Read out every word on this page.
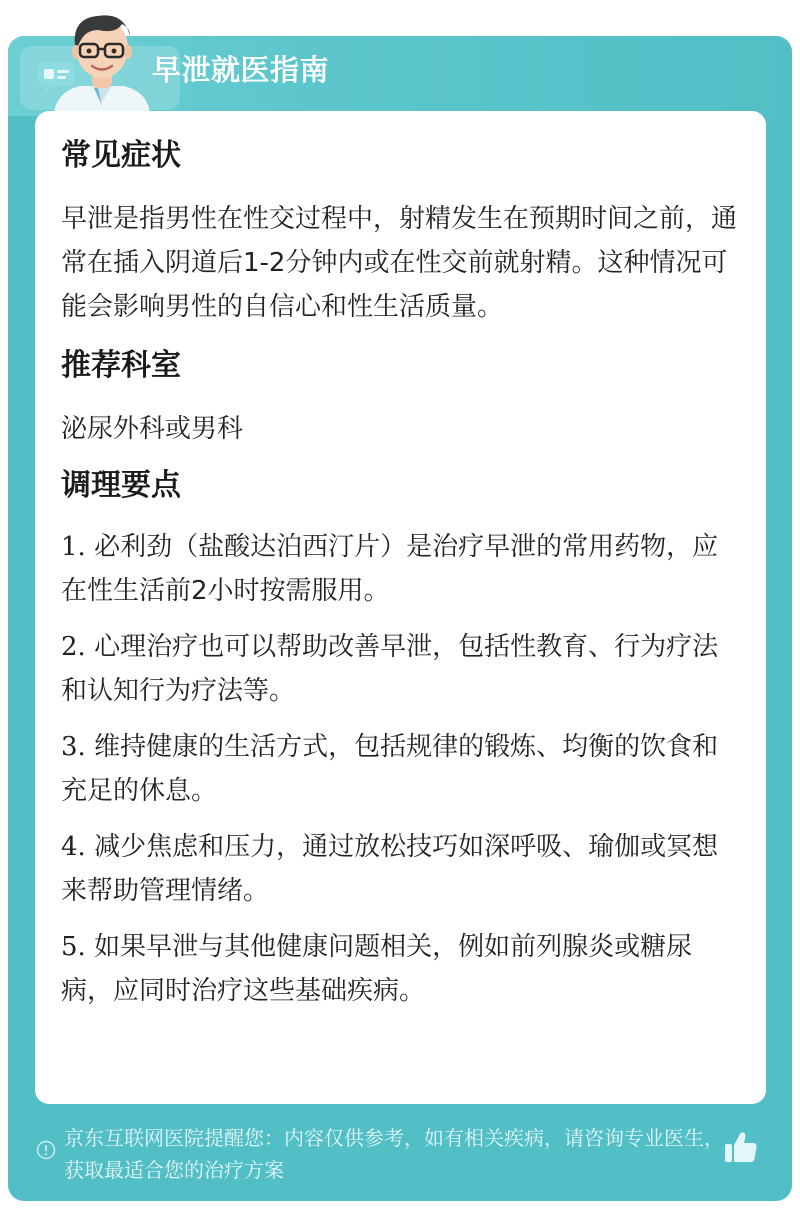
早泄就医指南

常见症状

早泄是指男性在性交过程中，射精发生在预期时间之前，通常在插入阴道后1-2分钟内或在性交前就射精。这种情况可能会影响男性的自信心和性生活质量。

推荐科室

泌尿外科或男科

调理要点

1. 必利劲（盐酸达泊西汀片）是治疗早泄的常用药物，应在性生活前2小时按需服用。

2. 心理治疗也可以帮助改善早泄，包括性教育、行为疗法和认知行为疗法等。

3. 维持健康的生活方式，包括规律的锻炼、均衡的饮食和充足的休息。

4. 减少焦虑和压力，通过放松技巧如深呼吸、瑜伽或冥想来帮助管理情绪。

5. 如果早泄与其他健康问题相关，例如前列腺炎或糖尿病，应同时治疗这些基础疾病。

京东互联网医院提醒您：内容仅供参考，如有相关疾病，请咨询专业医生，获取最适合您的治疗方案
